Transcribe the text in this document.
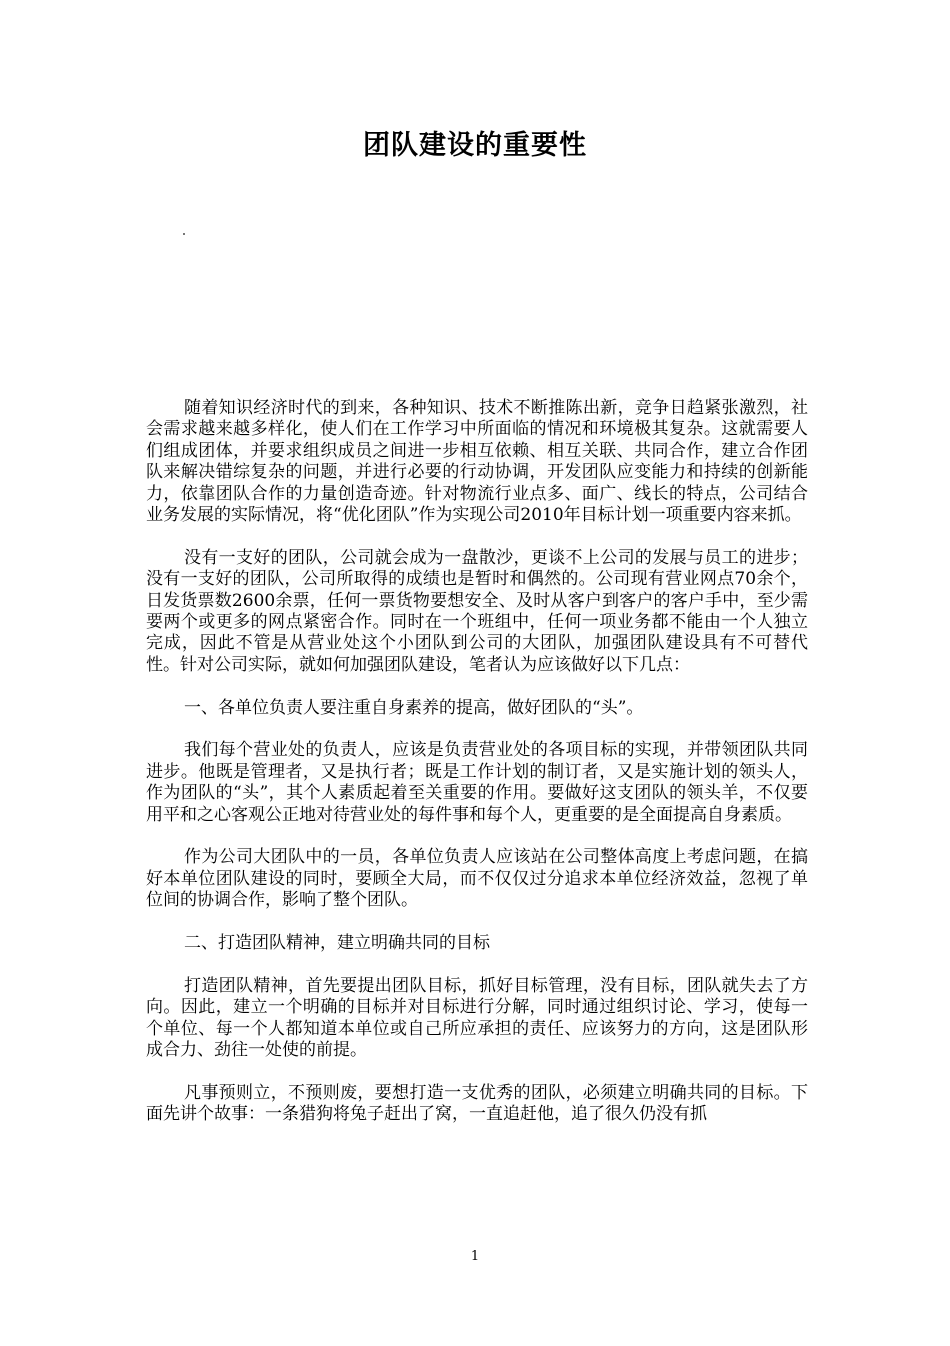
团队建设的重要性

随着知识经济时代的到来，各种知识、技术不断推陈出新，竞争日趋紧张激烈，社会需求越来越多样化，使人们在工作学习中所面临的情况和环境极其复杂。这就需要人们组成团体，并要求组织成员之间进一步相互依赖、相互关联、共同合作，建立合作团队来解决错综复杂的问题，并进行必要的行动协调，开发团队应变能力和持续的创新能力，依靠团队合作的力量创造奇迹。针对物流行业点多、面广、线长的特点，公司结合业务发展的实际情况，将“优化团队”作为实现公司2010年目标计划一项重要内容来抓。

没有一支好的团队，公司就会成为一盘散沙，更谈不上公司的发展与员工的进步；没有一支好的团队，公司所取得的成绩也是暂时和偶然的。公司现有营业网点70余个，日发货票数2600余票，任何一票货物要想安全、及时从客户到客户的客户手中，至少需要两个或更多的网点紧密合作。同时在一个班组中，任何一项业务都不能由一个人独立完成，因此不管是从营业处这个小团队到公司的大团队，加强团队建设具有不可替代性。针对公司实际，就如何加强团队建设，笔者认为应该做好以下几点：

一、各单位负责人要注重自身素养的提高，做好团队的“头”。

我们每个营业处的负责人，应该是负责营业处的各项目标的实现，并带领团队共同进步。他既是管理者，又是执行者；既是工作计划的制订者，又是实施计划的领头人，作为团队的“头”，其个人素质起着至关重要的作用。要做好这支团队的领头羊，不仅要用平和之心客观公正地对待营业处的每件事和每个人，更重要的是全面提高自身素质。

作为公司大团队中的一员，各单位负责人应该站在公司整体高度上考虑问题，在搞好本单位团队建设的同时，要顾全大局，而不仅仅过分追求本单位经济效益，忽视了单位间的协调合作，影响了整个团队。

二、打造团队精神，建立明确共同的目标

打造团队精神，首先要提出团队目标，抓好目标管理，没有目标，团队就失去了方向。因此，建立一个明确的目标并对目标进行分解，同时通过组织讨论、学习，使每一个单位、每一个人都知道本单位或自己所应承担的责任、应该努力的方向，这是团队形成合力、劲往一处使的前提。

凡事预则立，不预则废，要想打造一支优秀的团队，必须建立明确共同的目标。下面先讲个故事：一条猎狗将兔子赶出了窝，一直追赶他，追了很久仍没有抓

1
